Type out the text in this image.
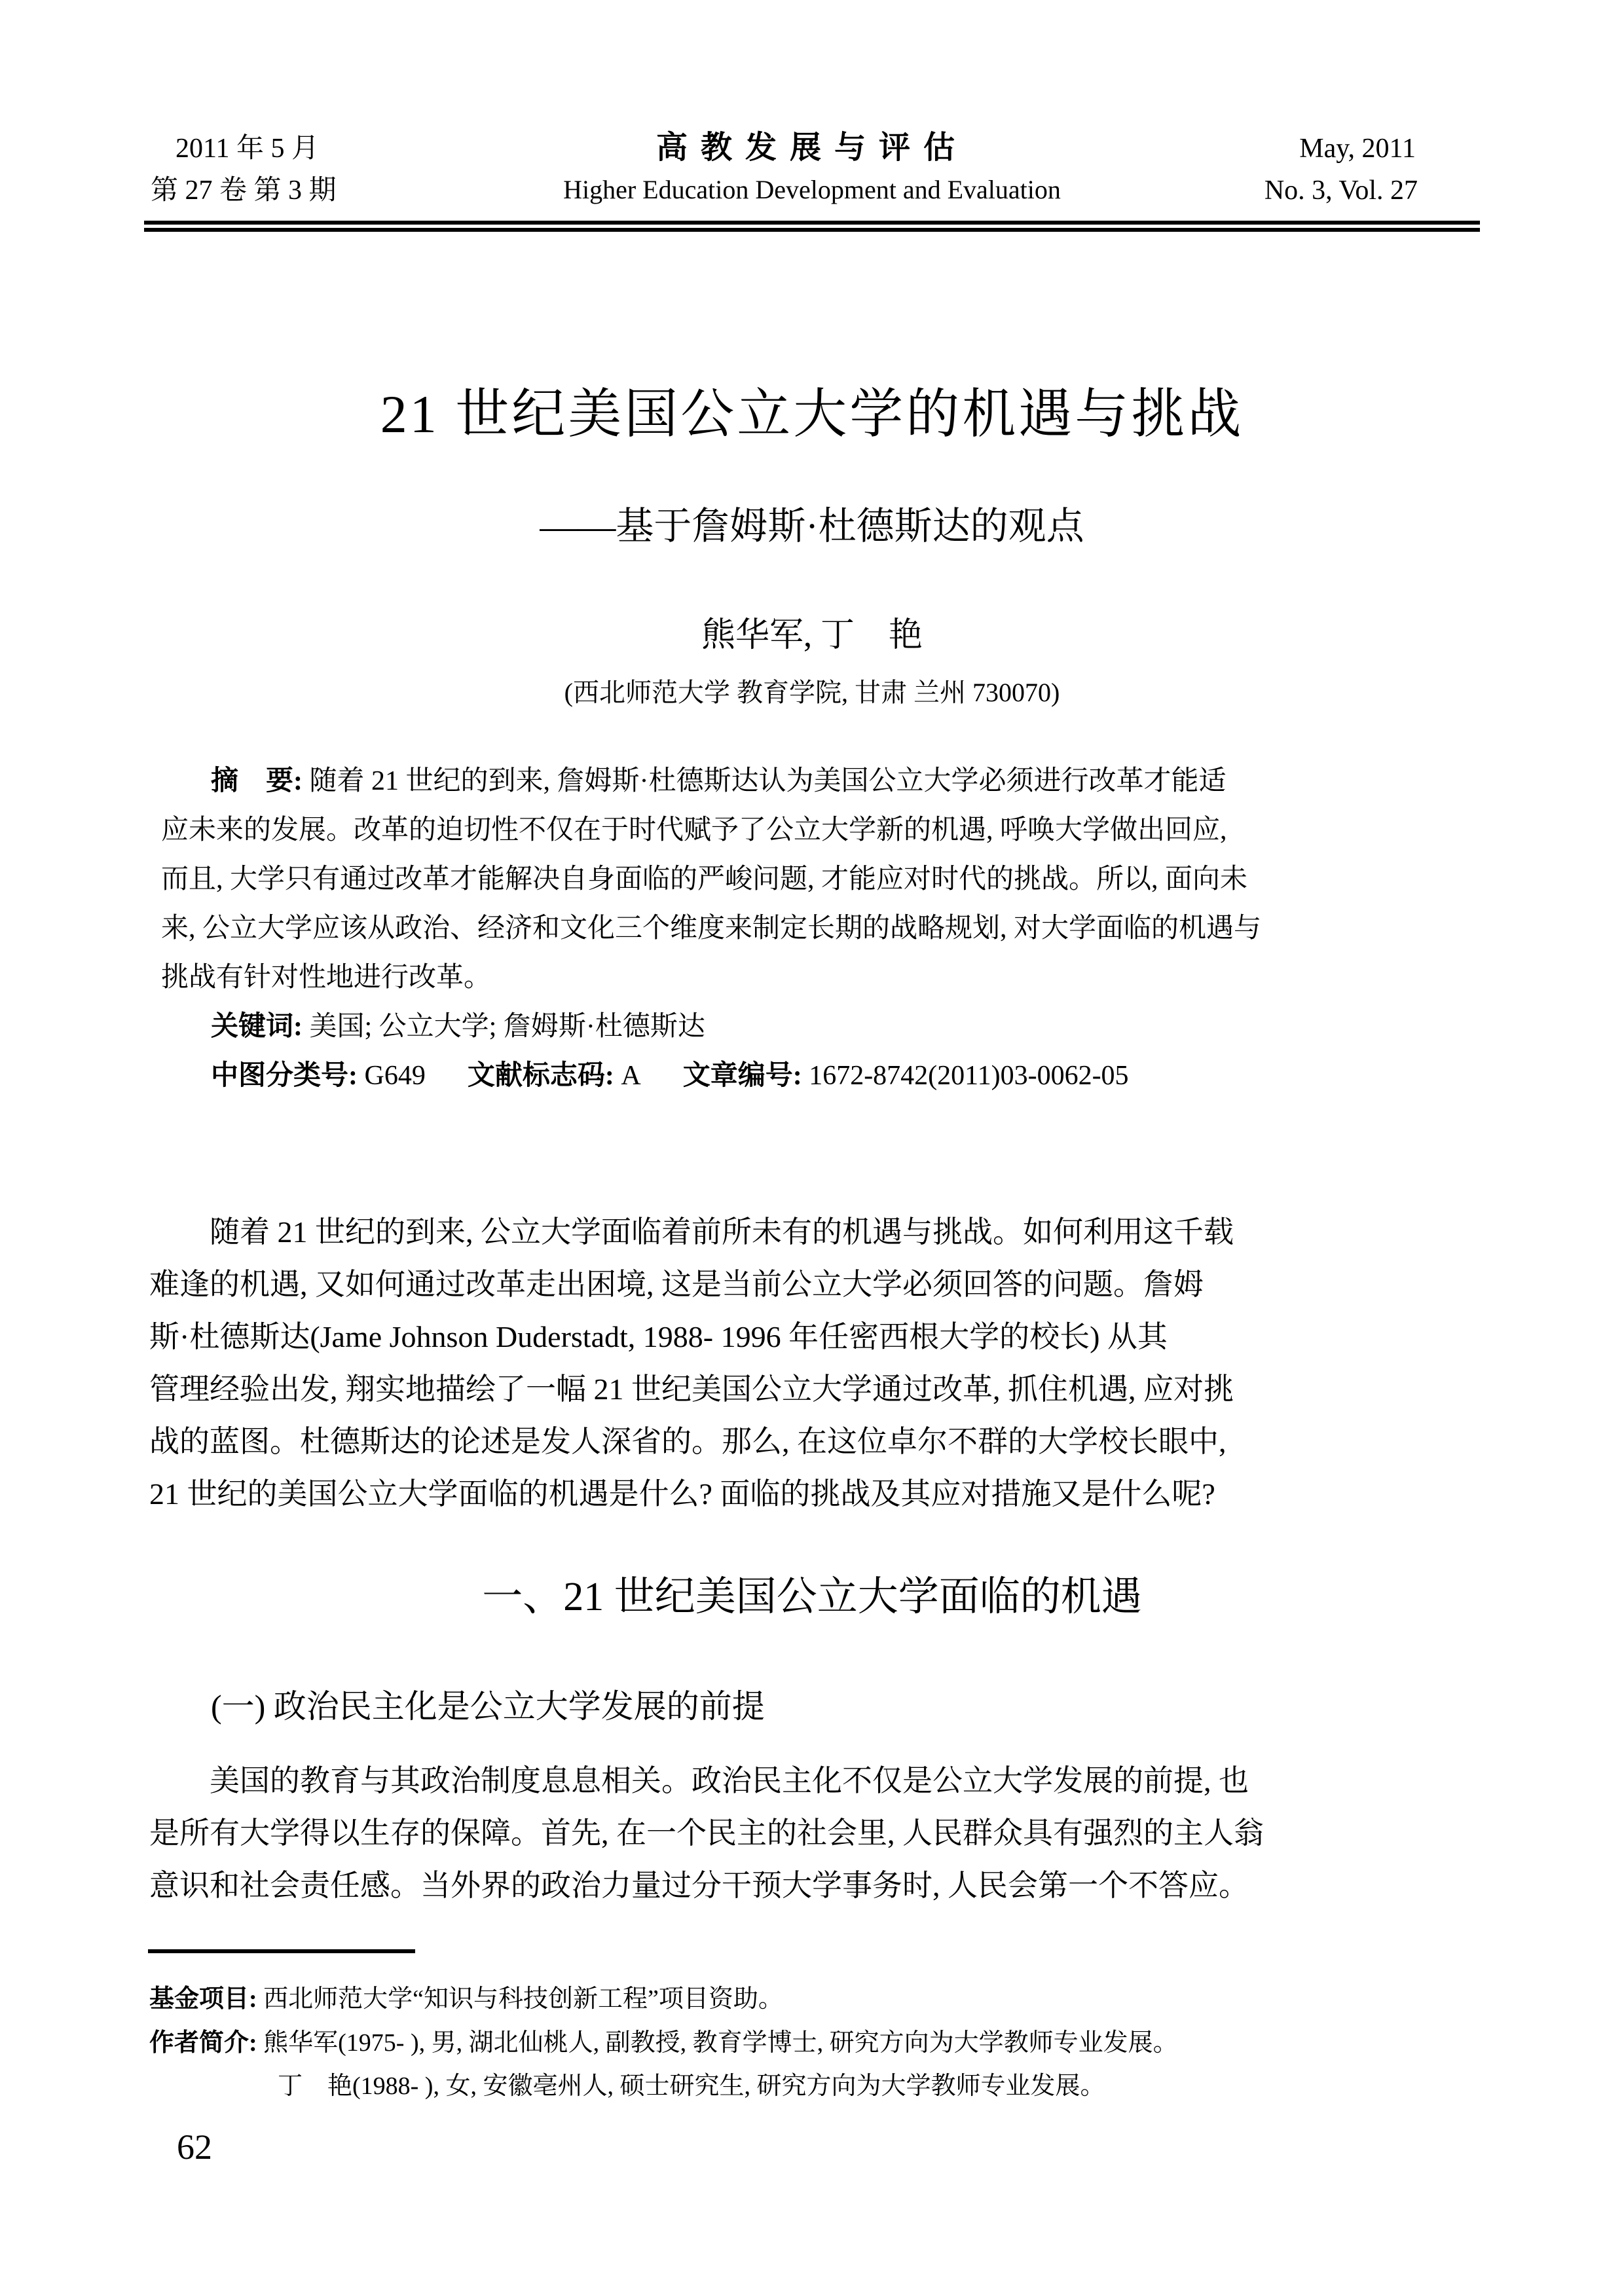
2011 年 5 月
第 27 卷 第 3 期
高教发展与评估
Higher Education Development and Evaluation
May, 2011
No. 3, Vol. 27
21 世纪美国公立大学的机遇与挑战
——基于詹姆斯·杜德斯达的观点
熊华军, 丁　艳
(西北师范大学 教育学院, 甘肃 兰州 730070)
摘　要: 随着 21 世纪的到来, 詹姆斯·杜德斯达认为美国公立大学必须进行改革才能适
应未来的发展。改革的迫切性不仅在于时代赋予了公立大学新的机遇, 呼唤大学做出回应,
而且, 大学只有通过改革才能解决自身面临的严峻问题, 才能应对时代的挑战。所以, 面向未
来, 公立大学应该从政治、经济和文化三个维度来制定长期的战略规划, 对大学面临的机遇与
挑战有针对性地进行改革。
关键词: 美国; 公立大学; 詹姆斯·杜德斯达
中图分类号: G649 文献标志码: A 文章编号: 1672-8742(2011)03-0062-05
随着 21 世纪的到来, 公立大学面临着前所未有的机遇与挑战。如何利用这千载
难逢的机遇, 又如何通过改革走出困境, 这是当前公立大学必须回答的问题。詹姆
斯·杜德斯达(Jame Johnson Duderstadt, 1988- 1996 年任密西根大学的校长) 从其
管理经验出发, 翔实地描绘了一幅 21 世纪美国公立大学通过改革, 抓住机遇, 应对挑
战的蓝图。杜德斯达的论述是发人深省的。那么, 在这位卓尔不群的大学校长眼中,
21 世纪的美国公立大学面临的机遇是什么? 面临的挑战及其应对措施又是什么呢?
一、21 世纪美国公立大学面临的机遇
(一) 政治民主化是公立大学发展的前提
美国的教育与其政治制度息息相关。政治民主化不仅是公立大学发展的前提, 也
是所有大学得以生存的保障。首先, 在一个民主的社会里, 人民群众具有强烈的主人翁
意识和社会责任感。当外界的政治力量过分干预大学事务时, 人民会第一个不答应。
基金项目: 西北师范大学“知识与科技创新工程”项目资助。
作者简介: 熊华军(1975- ), 男, 湖北仙桃人, 副教授, 教育学博士, 研究方向为大学教师专业发展。
丁　艳(1988- ), 女, 安徽亳州人, 硕士研究生, 研究方向为大学教师专业发展。
62
